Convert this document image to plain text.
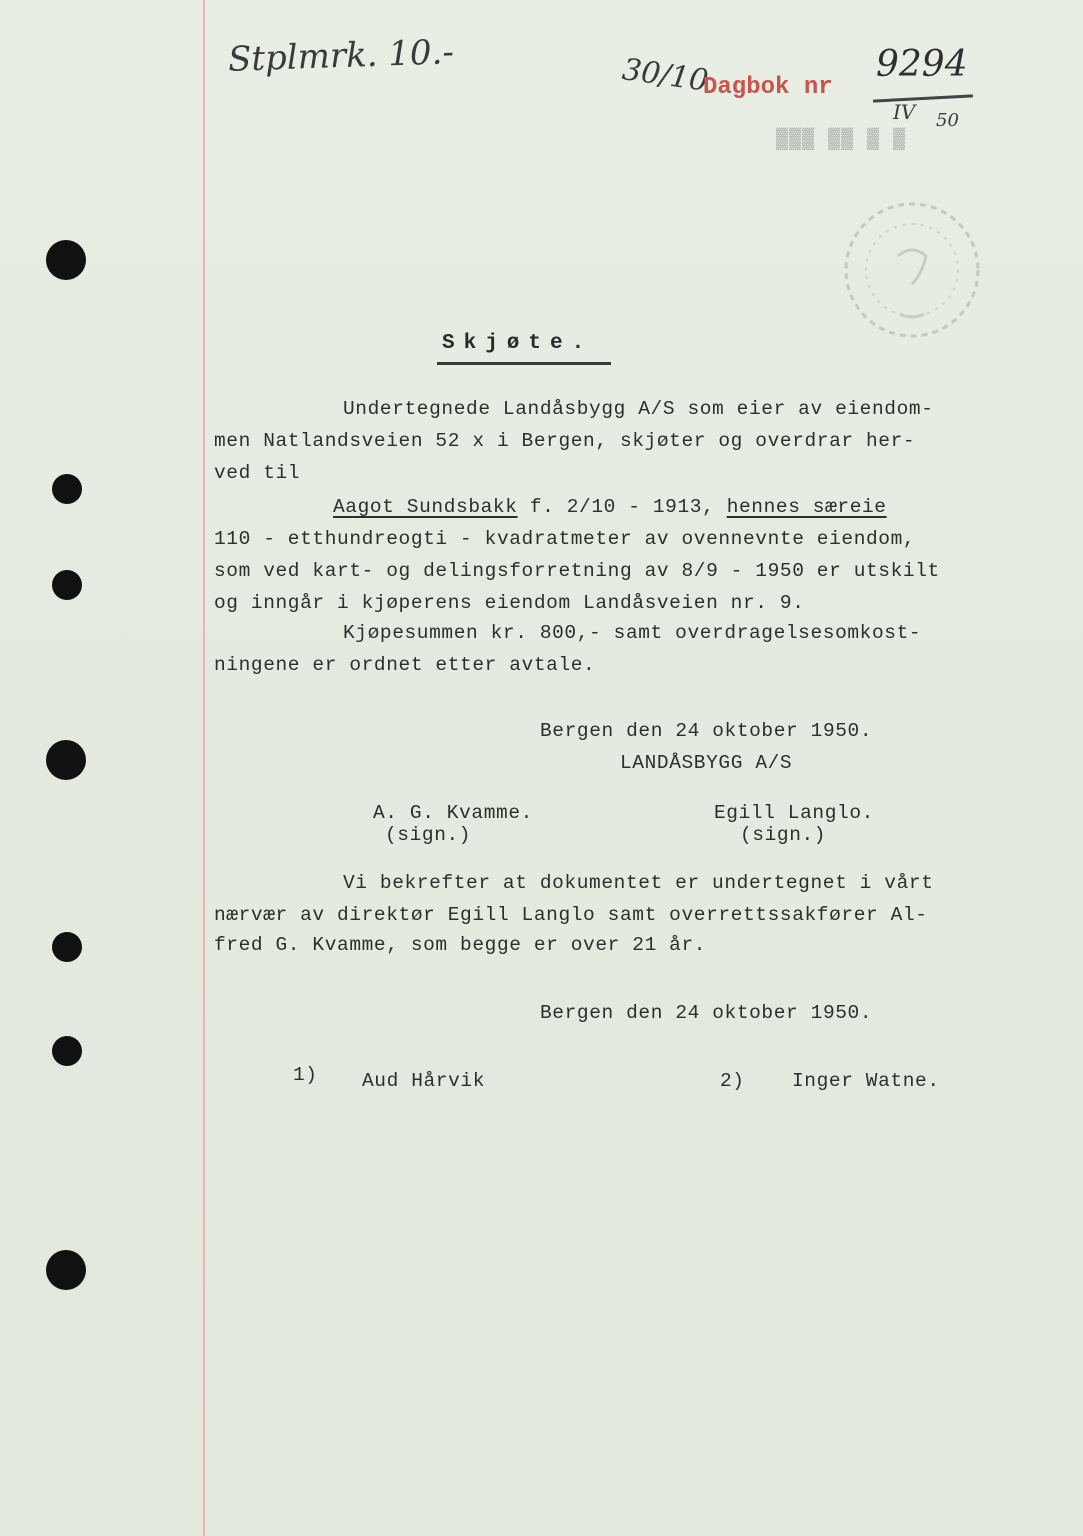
Stplmrk. 10.-	30/10
Dagbok nr
9294
IV 50
▓▓▓ ▓▓ ▓ ▓
Skjøte.
Undertegnede Landåsbygg A/S som eier av eiendom-
men Natlandsveien 52 x i Bergen, skjøter og overdrar her-
ved til
Aagot Sundsbakk f. 2/10 - 1913, hennes særeie
110 - etthundreogti - kvadratmeter av ovennevnte eiendom,
som ved kart- og delingsforretning av 8/9 - 1950 er utskilt
og inngår i kjøperens eiendom Landåsveien nr. 9.
Kjøpesummen kr. 800,- samt overdragelsesomkost-
ningene er ordnet etter avtale.
Bergen den 24 oktober 1950.
LANDÅSBYGG A/S
A. G. Kvamme.
(sign.)
Egill Langlo.
(sign.)
Vi bekrefter at dokumentet er undertegnet i vårt
nærvær av direktør Egill Langlo samt overrettssakfører Al-
fred G. Kvamme, som begge er over 21 år.
Bergen den 24 oktober 1950.
1) Aud Hårvik	2) Inger Watne.
